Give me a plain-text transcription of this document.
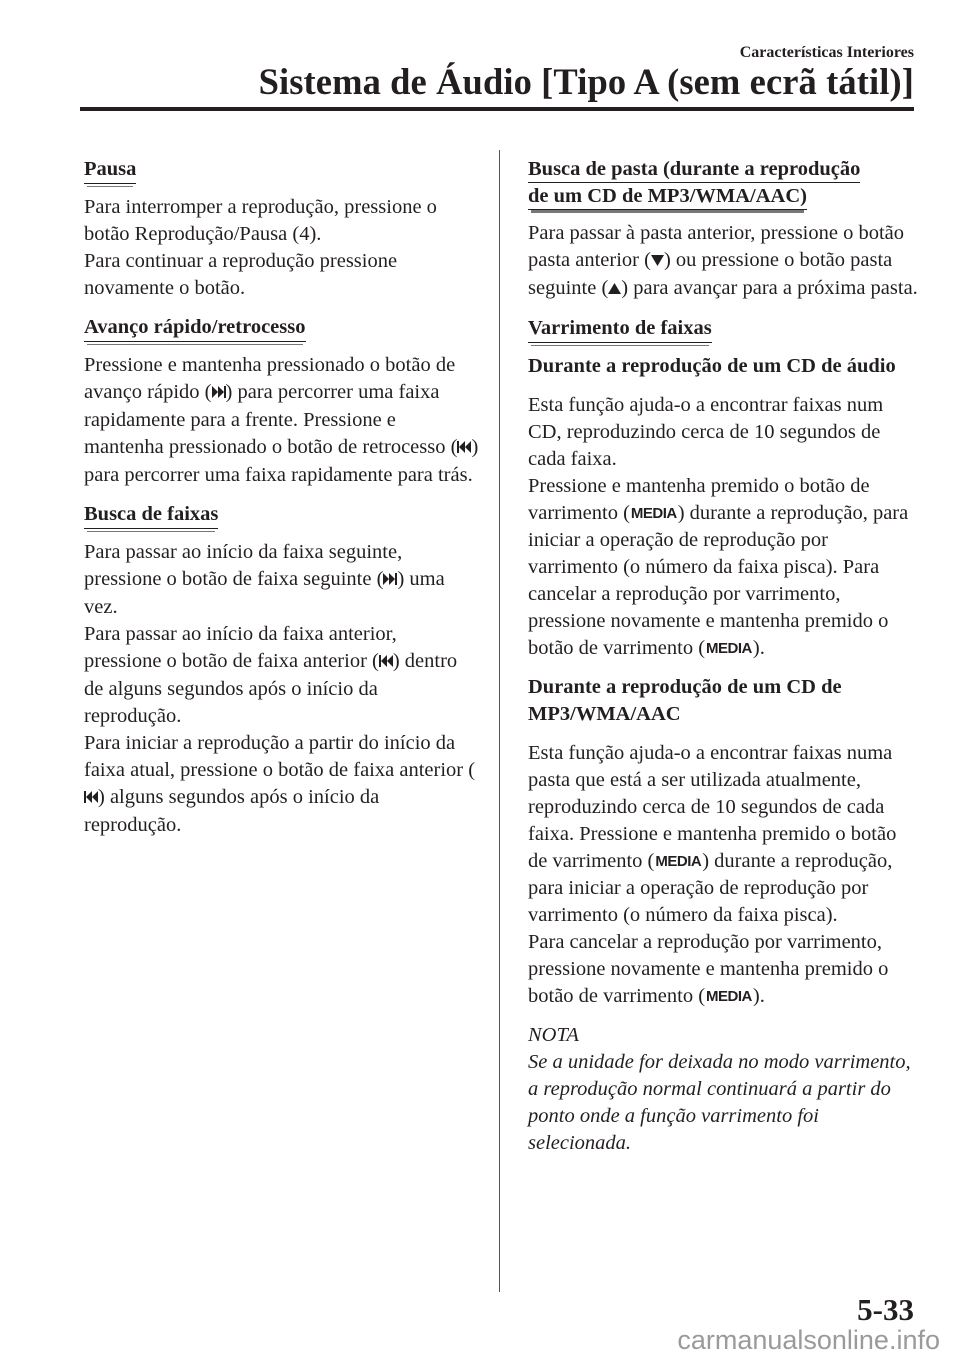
Características Interiores
Sistema de Áudio [Tipo A (sem ecrã tátil)]
Pausa

Para interromper a reprodução, pressione o botão Reprodução/Pausa (4).

Para continuar a reprodução pressione novamente o botão.

Avanço rápido/retrocesso

Pressione e mantenha pressionado o botão de avanço rápido ( ) para percorrer uma faixa rapidamente para a frente. Pressione e mantenha pressionado o botão de retrocesso ( ) para percorrer uma faixa rapidamente para trás.

Busca de faixas

Para passar ao início da faixa seguinte, pressione o botão de faixa seguinte ( ) uma vez.

Para passar ao início da faixa anterior, pressione o botão de faixa anterior ( ) dentro de alguns segundos após o início da reprodução.

Para iniciar a reprodução a partir do início da faixa atual, pressione o botão de faixa anterior () alguns segundos após o início da reprodução.

Busca de pasta (durante a reprodução
de um CD de MP3/WMA/AAC)

Para passar à pasta anterior, pressione o botão pasta anterior ( ) ou pressione o botão pasta seguinte ( ) para avançar para a próxima pasta.

Varrimento de faixas
Durante a reprodução de um CD de áudio

Esta função ajuda-o a encontrar faixas num CD, reproduzindo cerca de 10 segundos de cada faixa.

Pressione e mantenha premido o botão de varrimento (MEDIA) durante a reprodução, para iniciar a operação de reprodução por varrimento (o número da faixa pisca). Para cancelar a reprodução por varrimento, pressione novamente e mantenha premido o botão de varrimento (MEDIA).

Durante a reprodução de um CD de MP3/WMA/AAC

Esta função ajuda-o a encontrar faixas numa pasta que está a ser utilizada atualmente, reproduzindo cerca de 10 segundos de cada faixa. Pressione e mantenha premido o botão de varrimento (MEDIA) durante a reprodução, para iniciar a operação de reprodução por varrimento (o número da faixa pisca).

Para cancelar a reprodução por varrimento, pressione novamente e mantenha premido o botão de varrimento (MEDIA).

NOTA

Se a unidade for deixada no modo varrimento, a reprodução normal continuará a partir do ponto onde a função varrimento foi selecionada.

5-33
carmanualsonline.info
